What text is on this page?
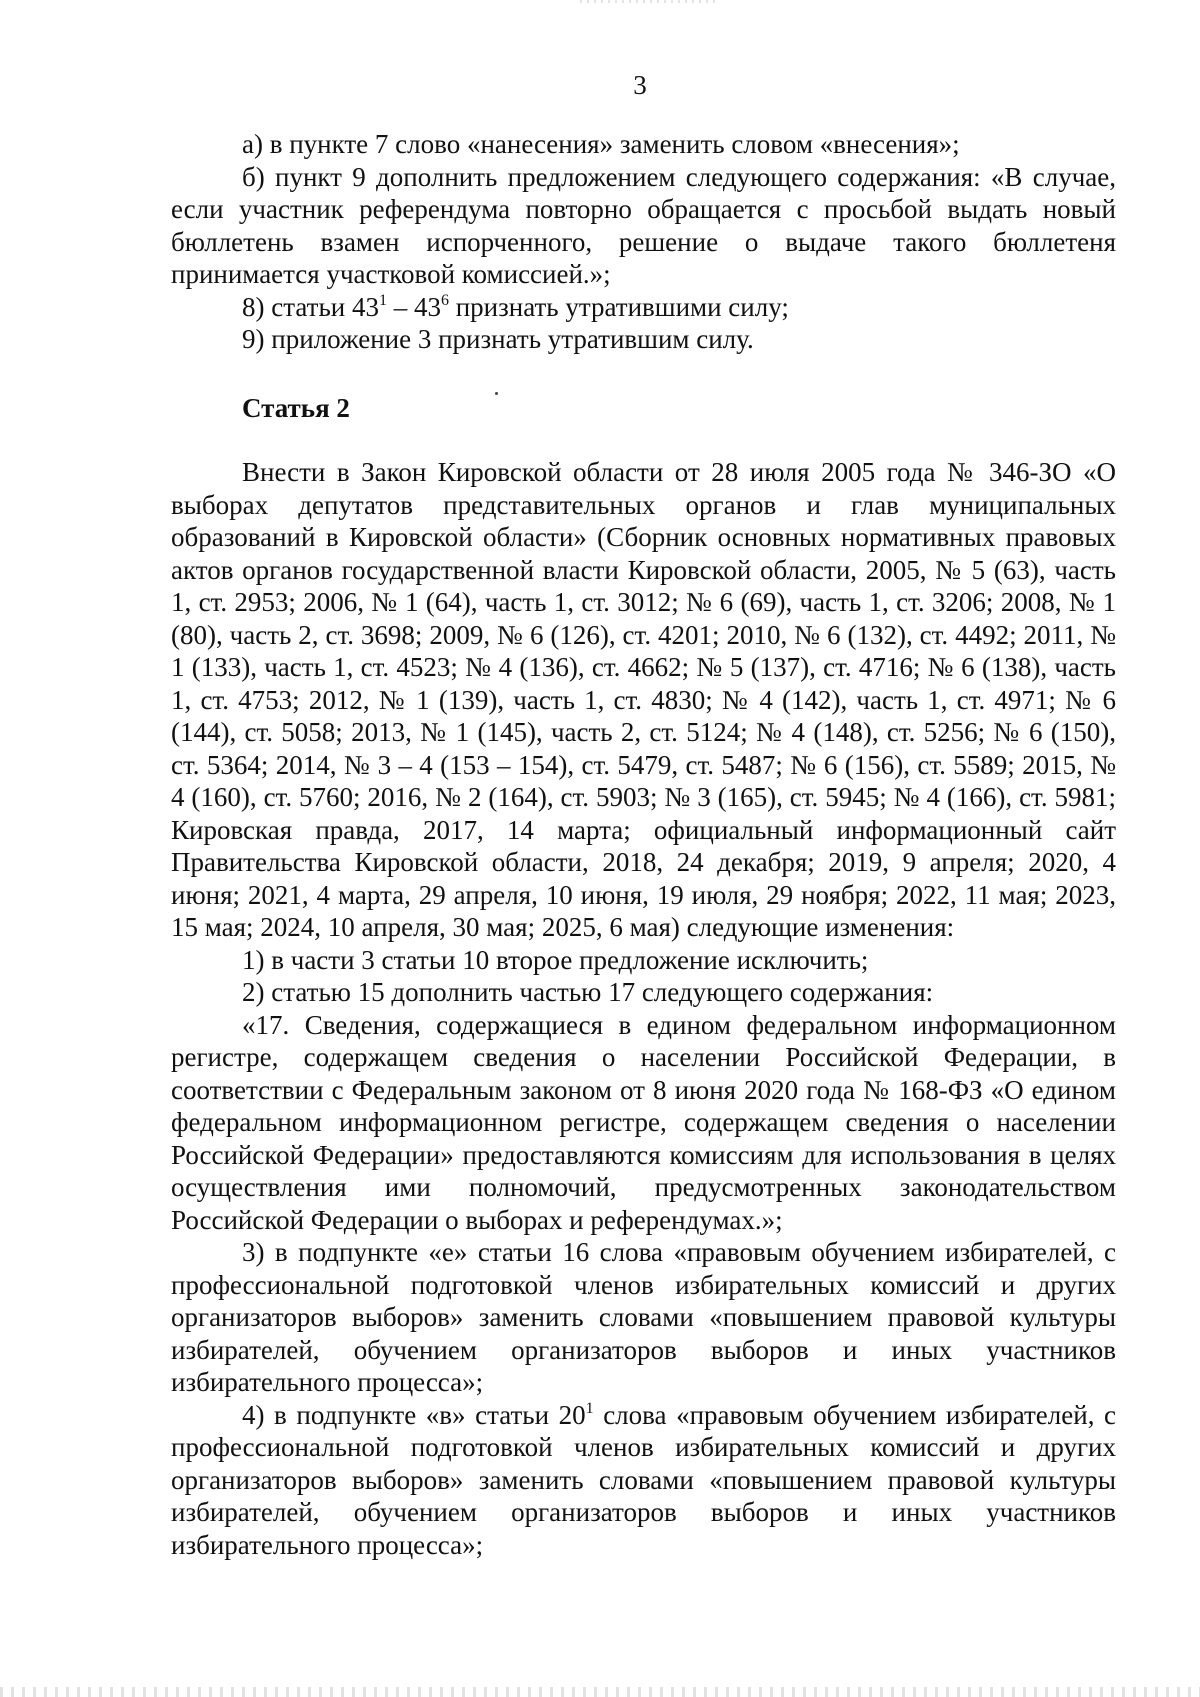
3

а) в пункте 7 слово «нанесения» заменить словом «внесения»;

б) пункт 9 дополнить предложением следующего содержания: «В случае, если участник референдума повторно обращается с просьбой выдать новый бюллетень взамен испорченного, решение о выдаче такого бюллетеня принимается участковой комиссией.»;

8) статьи $43^1 - 43^6$ признать утратившими силу;

9) приложение 3 признать утратившим силу.

Статья 2

Внести в Закон Кировской области от 28 июля 2005 года № 346-ЗО «О выборах депутатов представительных органов и глав муниципальных образований в Кировской области» (Сборник основных нормативных правовых актов органов государственной власти Кировской области, 2005, № 5 (63), часть 1, ст. 2953; 2006, № 1 (64), часть 1, ст. 3012; № 6 (69), часть 1, ст. 3206; 2008, № 1 (80), часть 2, ст. 3698; 2009, № 6 (126), ст. 4201; 2010, № 6 (132), ст. 4492; 2011, № 1 (133), часть 1, ст. 4523; № 4 (136), ст. 4662; № 5 (137), ст. 4716; № 6 (138), часть 1, ст. 4753; 2012, № 1 (139), часть 1, ст. 4830; № 4 (142), часть 1, ст. 4971; № 6 (144), ст. 5058; 2013, № 1 (145), часть 2, ст. 5124; № 4 (148), ст. 5256; № 6 (150), ст. 5364; 2014, № 3 – 4 (153 – 154), ст. 5479, ст. 5487; № 6 (156), ст. 5589; 2015, № 4 (160), ст. 5760; 2016, № 2 (164), ст. 5903; № 3 (165), ст. 5945; № 4 (166), ст. 5981; Кировская правда, 2017, 14 марта; официальный информационный сайт Правительства Кировской области, 2018, 24 декабря; 2019, 9 апреля; 2020, 4 июня; 2021, 4 марта, 29 апреля, 10 июня, 19 июля, 29 ноября; 2022, 11 мая; 2023, 15 мая; 2024, 10 апреля, 30 мая; 2025, 6 мая) следующие изменения:

1) в части 3 статьи 10 второе предложение исключить;

2) статью 15 дополнить частью 17 следующего содержания:

«17. Сведения, содержащиеся в едином федеральном информационном регистре, содержащем сведения о населении Российской Федерации, в соответствии с Федеральным законом от 8 июня 2020 года № 168-ФЗ «О едином федеральном информационном регистре, содержащем сведения о населении Российской Федерации» предоставляются комиссиям для использования в целях осуществления ими полномочий, предусмотренных законодательством Российской Федерации о выборах и референдумах.»;

3) в подпункте «е» статьи 16 слова «правовым обучением избирателей, с профессиональной подготовкой членов избирательных комиссий и других организаторов выборов» заменить словами «повышением правовой культуры избирателей, обучением организаторов выборов и иных участников избирательного процесса»;

4) в подпункте «в» статьи $20^1$ слова «правовым обучением избирателей, с профессиональной подготовкой членов избирательных комиссий и других организаторов выборов» заменить словами «повышением правовой культуры избирателей, обучением организаторов выборов и иных участников избирательного процесса»;
